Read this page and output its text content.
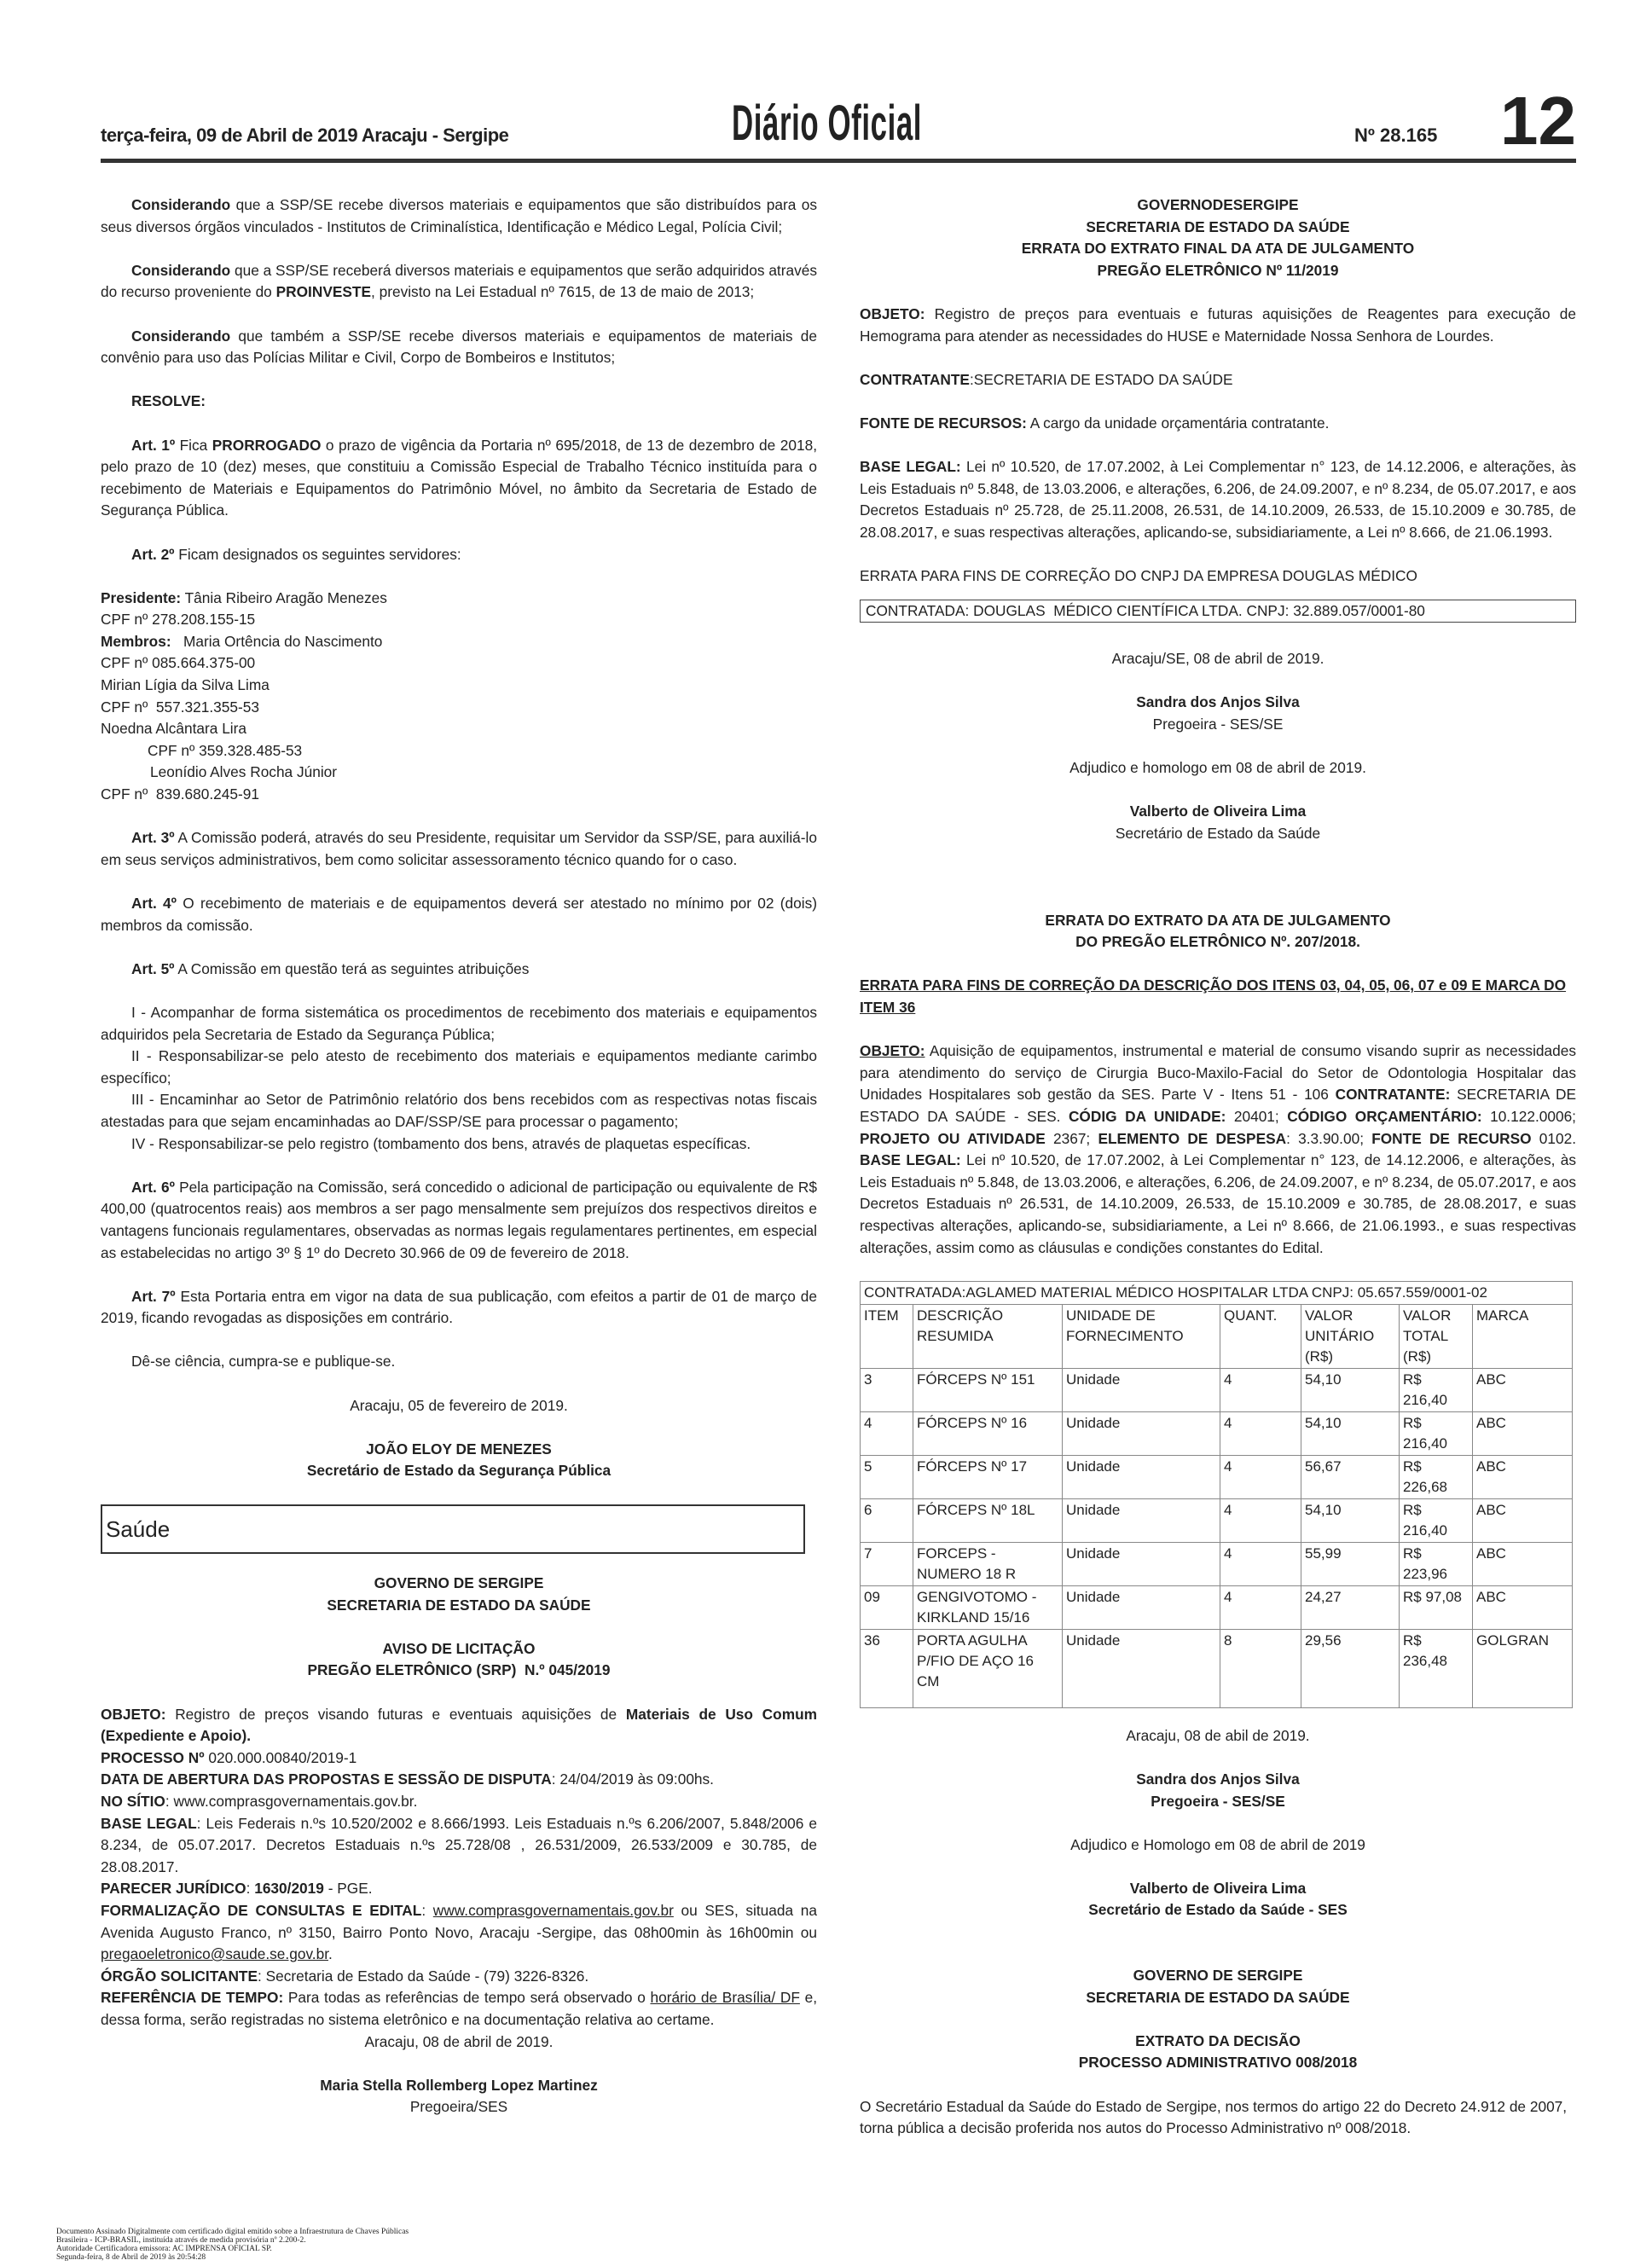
terça-feira, 09 de Abril de 2019 Aracaju - Sergipe	Diário Oficial	Nº 28.165 12

Considerando que a SSP/SE recebe diversos materiais e equipamentos que são distribuídos para os seus diversos órgãos vinculados - Institutos de Criminalística, Identificação e Médico Legal, Polícia Civil;

Considerando que a SSP/SE receberá diversos materiais e equipamentos que serão adquiridos através do recurso proveniente do PROINVESTE, previsto na Lei Estadual nº 7615, de 13 de maio de 2013;

Considerando que também a SSP/SE recebe diversos materiais e equipamentos de materiais de convênio para uso das Polícias Militar e Civil, Corpo de Bombeiros e Institutos;

RESOLVE:

Art. 1º Fica PRORROGADO o prazo de vigência da Portaria nº 695/2018, de 13 de dezembro de 2018, pelo prazo de 10 (dez) meses, que constituiu a Comissão Especial de Trabalho Técnico instituída para o recebimento de Materiais e Equipamentos do Patrimônio Móvel, no âmbito da Secretaria de Estado de Segurança Pública.

Art. 2º Ficam designados os seguintes servidores:

Presidente: Tânia Ribeiro Aragão Menezes

CPF nº 278.208.155-15

Membros:   Maria Ortência do Nascimento

CPF nº 085.664.375-00

Mirian Lígia da Silva Lima

CPF nº  557.321.355-53

Noedna Alcântara Lira

CPF nº 359.328.485-53

Leonídio Alves Rocha Júnior

CPF nº  839.680.245-91

Art. 3º A Comissão poderá, através do seu Presidente, requisitar um Servidor da SSP/SE, para auxiliá-lo em seus serviços administrativos, bem como solicitar assessoramento técnico quando for o caso.

Art. 4º O recebimento de materiais e de equipamentos deverá ser atestado no mínimo por 02 (dois) membros da comissão.

Art. 5º A Comissão em questão terá as seguintes atribuições

I - Acompanhar de forma sistemática os procedimentos de recebimento dos materiais e equipamentos adquiridos pela Secretaria de Estado da Segurança Pública;

II - Responsabilizar-se pelo atesto de recebimento dos materiais e equipamentos mediante carimbo específico;

III - Encaminhar ao Setor de Patrimônio relatório dos bens recebidos com as respectivas notas fiscais atestadas para que sejam encaminhadas ao DAF/SSP/SE para processar o pagamento;

IV - Responsabilizar-se pelo registro (tombamento dos bens, através de plaquetas específicas.

Art. 6º Pela participação na Comissão, será concedido o adicional de participação ou equivalente de R$ 400,00 (quatrocentos reais) aos membros a ser pago mensalmente sem prejuízos dos respectivos direitos e vantagens funcionais regulamentares, observadas as normas legais regulamentares pertinentes, em especial as estabelecidas no artigo 3º § 1º do Decreto 30.966 de 09 de fevereiro de 2018.

Art. 7º Esta Portaria entra em vigor na data de sua publicação, com efeitos a partir de 01 de março de 2019, ficando revogadas as disposições em contrário.

Dê-se ciência, cumpra-se e publique-se.

Aracaju, 05 de fevereiro de 2019.

JOÃO ELOY DE MENEZES

Secretário de Estado da Segurança Pública

Saúde

GOVERNO DE SERGIPE

SECRETARIA DE ESTADO DA SAÚDE

AVISO DE LICITAÇÃO

PREGÃO ELETRÔNICO (SRP)  N.º 045/2019

OBJETO: Registro de preços visando futuras e eventuais aquisições de Materiais de Uso Comum (Expediente e Apoio).

PROCESSO Nº 020.000.00840/2019-1

DATA DE ABERTURA DAS PROPOSTAS E SESSÃO DE DISPUTA: 24/04/2019 às 09:00hs.

NO SÍTIO: www.comprasgovernamentais.gov.br.

BASE LEGAL: Leis Federais n.ºs 10.520/2002 e 8.666/1993. Leis Estaduais n.ºs 6.206/2007, 5.848/2006 e 8.234, de 05.07.2017. Decretos Estaduais n.ºs 25.728/08 , 26.531/2009, 26.533/2009 e 30.785, de 28.08.2017.

PARECER JURÍDICO: 1630/2019 - PGE.

FORMALIZAÇÃO DE CONSULTAS E EDITAL: www.comprasgovernamentais.gov.br ou SES, situada na Avenida Augusto Franco, nº 3150, Bairro Ponto Novo, Aracaju -Sergipe, das 08h00min às 16h00min ou pregaoeletronico@saude.se.gov.br.

ÓRGÃO SOLICITANTE: Secretaria de Estado da Saúde - (79) 3226-8326.

REFERÊNCIA DE TEMPO: Para todas as referências de tempo será observado o horário de Brasília/ DF e, dessa forma, serão registradas no sistema eletrônico e na documentação relativa ao certame.

Aracaju, 08 de abril de 2019.

Maria Stella Rollemberg Lopez Martinez

Pregoeira/SES

GOVERNODESERGIPE

SECRETARIA DE ESTADO DA SAÚDE

ERRATA DO EXTRATO FINAL DA ATA DE JULGAMENTO

PREGÃO ELETRÔNICO Nº 11/2019

OBJETO: Registro de preços para eventuais e futuras aquisições de Reagentes para execução de Hemograma para atender as necessidades do HUSE e Maternidade Nossa Senhora de Lourdes.

CONTRATANTE:SECRETARIA DE ESTADO DA SAÚDE

FONTE DE RECURSOS: A cargo da unidade orçamentária contratante.

BASE LEGAL: Lei nº 10.520, de 17.07.2002, à Lei Complementar n° 123, de 14.12.2006, e alterações, às Leis Estaduais nº 5.848, de 13.03.2006, e alterações, 6.206, de 24.09.2007, e nº 8.234, de 05.07.2017, e aos Decretos Estaduais nº 25.728, de 25.11.2008, 26.531, de 14.10.2009, 26.533, de 15.10.2009 e 30.785, de 28.08.2017, e suas respectivas alterações, aplicando-se, subsidiariamente, a Lei nº 8.666, de 21.06.1993.

ERRATA PARA FINS DE CORREÇÃO DO CNPJ DA EMPRESA DOUGLAS MÉDICO

CONTRATADA: DOUGLAS  MÉDICO CIENTÍFICA LTDA. CNPJ: 32.889.057/0001-80

Aracaju/SE, 08 de abril de 2019.

Sandra dos Anjos Silva

Pregoeira - SES/SE

Adjudico e homologo em 08 de abril de 2019.

Valberto de Oliveira Lima

Secretário de Estado da Saúde

ERRATA DO EXTRATO DA ATA DE JULGAMENTO

DO PREGÃO ELETRÔNICO Nº. 207/2018.

ERRATA PARA FINS DE CORREÇÃO DA DESCRIÇÃO DOS ITENS 03, 04, 05, 06, 07 e 09 E MARCA DO ITEM 36

OBJETO: Aquisição de equipamentos, instrumental e material de consumo visando suprir as necessidades para atendimento do serviço de Cirurgia Buco-Maxilo-Facial do Setor de Odontologia Hospitalar das Unidades Hospitalares sob gestão da SES. Parte V - Itens 51 - 106 CONTRATANTE: SECRETARIA DE ESTADO DA SAÚDE - SES. CÓDIG DA UNIDADE: 20401; CÓDIGO ORÇAMENTÁRIO: 10.122.0006; PROJETO OU ATIVIDADE 2367; ELEMENTO DE DESPESA: 3.3.90.00; FONTE DE RECURSO 0102. BASE LEGAL: Lei nº 10.520, de 17.07.2002, à Lei Complementar n° 123, de 14.12.2006, e alterações, às Leis Estaduais nº 5.848, de 13.03.2006, e alterações, 6.206, de 24.09.2007, e nº 8.234, de 05.07.2017, e aos Decretos Estaduais nº 26.531, de 14.10.2009, 26.533, de 15.10.2009 e 30.785, de 28.08.2017, e suas respectivas alterações, aplicando-se, subsidiariamente, a Lei nº 8.666, de 21.06.1993., e suas respectivas alterações, assim como as cláusulas e condições constantes do Edital.

CONTRATADA:AGLAMED MATERIAL MÉDICO HOSPITALAR LTDA CNPJ: 05.657.559/0001-02						
ITEM	DESCRIÇÃO RESUMIDA	UNIDADE DE FORNECIMENTO	QUANT.	VALOR UNITÁRIO (R$)	VALOR TOTAL (R$)	MARCA
3	FÓRCEPS Nº 151	Unidade	4	54,10	R$ 216,40	ABC
4	FÓRCEPS Nº 16	Unidade	4	54,10	R$ 216,40	ABC
5	FÓRCEPS Nº 17	Unidade	4	56,67	R$ 226,68	ABC
6	FÓRCEPS Nº 18L	Unidade	4	54,10	R$ 216,40	ABC
7	FORCEPS - NUMERO 18 R	Unidade	4	55,99	R$ 223,96	ABC
09	GENGIVOTOMO - KIRKLAND 15/16	Unidade	4	24,27	R$ 97,08	ABC
36	PORTA AGULHA P/FIO DE AÇO 16 CM	Unidade	8	29,56	R$ 236,48	GOLGRAN

Aracaju, 08 de abil de 2019.

Sandra dos Anjos Silva

Pregoeira - SES/SE

Adjudico e Homologo em 08 de abril de 2019

Valberto de Oliveira Lima

Secretário de Estado da Saúde - SES

GOVERNO DE SERGIPE

SECRETARIA DE ESTADO DA SAÚDE

EXTRATO DA DECISÃO

PROCESSO ADMINISTRATIVO 008/2018

O Secretário Estadual da Saúde do Estado de Sergipe, nos termos do artigo 22 do Decreto 24.912 de 2007, torna pública a decisão proferida nos autos do Processo Administrativo nº 008/2018.

Documento Assinado Digitalmente com certificado digital emitido sobre a Infraestrutura de Chaves Públicas
Brasileira - ICP-BRASIL, instituída através de medida provisória nº 2.200-2.
Autoridade Certificadora emissora: AC IMPRENSA OFICIAL SP.
Segunda-feira, 8 de Abril de 2019 às 20:54:28
